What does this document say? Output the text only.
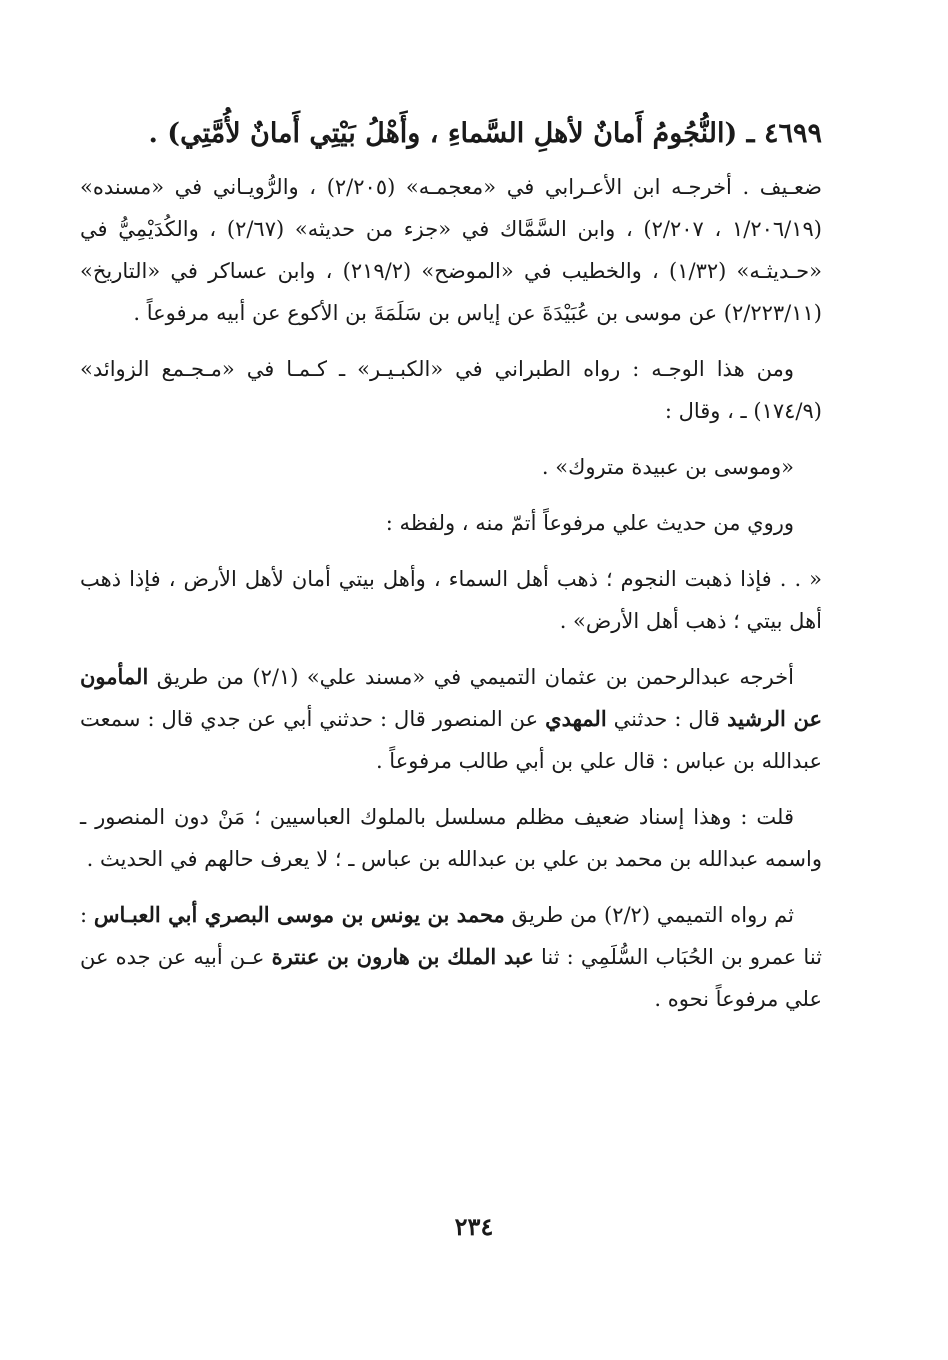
٤٦٩٩ ـ (النُّجُومُ أَمانٌ لأهلِ السَّماءِ ، وأَهْلُ بَيْتِي أَمانٌ لأُمَّتِي) .

ضعـيف . أخرجـه ابن الأعـرابي في «معجمـه» (٢/٢٠٥) ، والرُّويـاني في «مسنده» (١/٢٠٦/١٩ ، ٢/٢٠٧) ، وابن السَّمَّاك في «جزء من حديثه» (٢/٦٧) ، والكُدَيْمِيُّ في «حـديثـه» (١/٣٢) ، والخطيب في «الموضح» (٢١٩/٢) ، وابن عساكر في «التاريخ» (٢/٢٢٣/١١) عن موسى بن عُبَيْدَةَ عن إياس بن سَلَمَةَ بن الأكوع عن أبيه مرفوعاً .

ومن هذا الوجـه : رواه الطبراني في «الكبـيـر» ـ كـمـا في «مـجـمع الزوائد» (١٧٤/٩) ـ ، وقال :

«وموسى بن عبيدة متروك» .

وروي من حديث علي مرفوعاً أتمّ منه ، ولفظه :

« . . فإذا ذهبت النجوم ؛ ذهب أهل السماء ، وأهل بيتي أمان لأهل الأرض ، فإذا ذهب أهل بيتي ؛ ذهب أهل الأرض» .

أخرجه عبدالرحمن بن عثمان التميمي في «مسند علي» (٢/١) من طريق المأمون عن الرشيد قال : حدثني المهدي عن المنصور قال : حدثني أبي عن جدي قال : سمعت عبدالله بن عباس : قال علي بن أبي طالب مرفوعاً .

قلت : وهذا إسناد ضعيف مظلم مسلسل بالملوك العباسيين ؛ مَنْ دون المنصور ـ واسمه عبدالله بن محمد بن علي بن عبدالله بن عباس ـ ؛ لا يعرف حالهم في الحديث .

ثم رواه التميمي (٢/٢) من طريق محمد بن يونس بن موسى البصري أبي العبـاس : ثنا عمرو بن الحُبَاب السُّلَمِي : ثنا عبد الملك بن هارون بن عنترة عـن أبيه عن جده عن علي مرفوعاً نحوه .

٢٣٤
